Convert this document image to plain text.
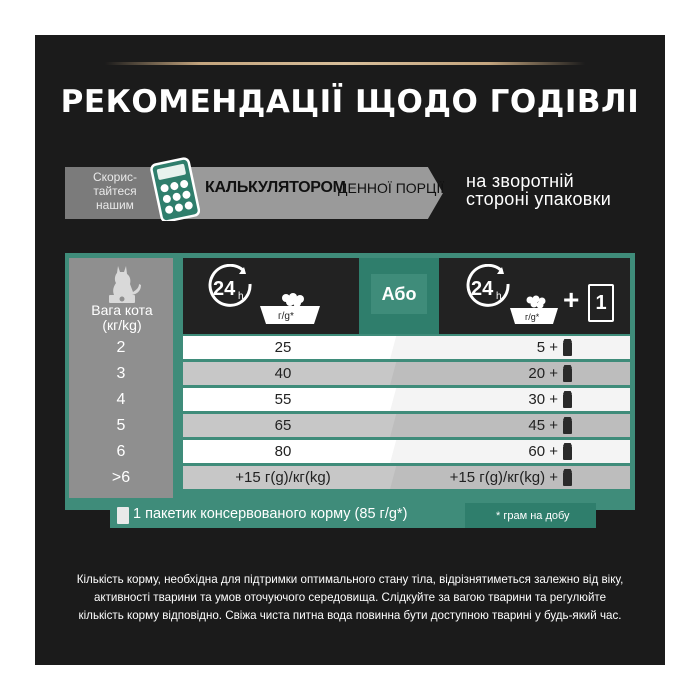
РЕКОМЕНДАЦІЇ ЩОДО ГОДІВЛІ
Скорис-
тайтеся
нашим
КАЛЬКУЛЯТОРОМ
ДЕННОЇ ПОРЦІЇ на зворотній
стороні упаковки
Вага кота
(кг/kg)
24 h
г/g*
Або	24 h
г/g*
+ 1
2	25	5 +
3	40	20 +
4	55	30 +
5	65	45 +
6	80	60 +
>6	+15 г(g)/кг(kg)	+15 г(g)/кг(kg) +
1 пакетик консервованого корму (85 г/g*)	* грам на добу
Кількість корму, необхідна для підтримки оптимального стану тіла, відрізнятиметься залежно від віку, активності тварини та умов оточуючого середовища. Слідкуйте за вагою тварини та регулюйте кількість корму відповідно. Свіжа чиста питна вода повинна бути доступною тварині у будь-який час.
